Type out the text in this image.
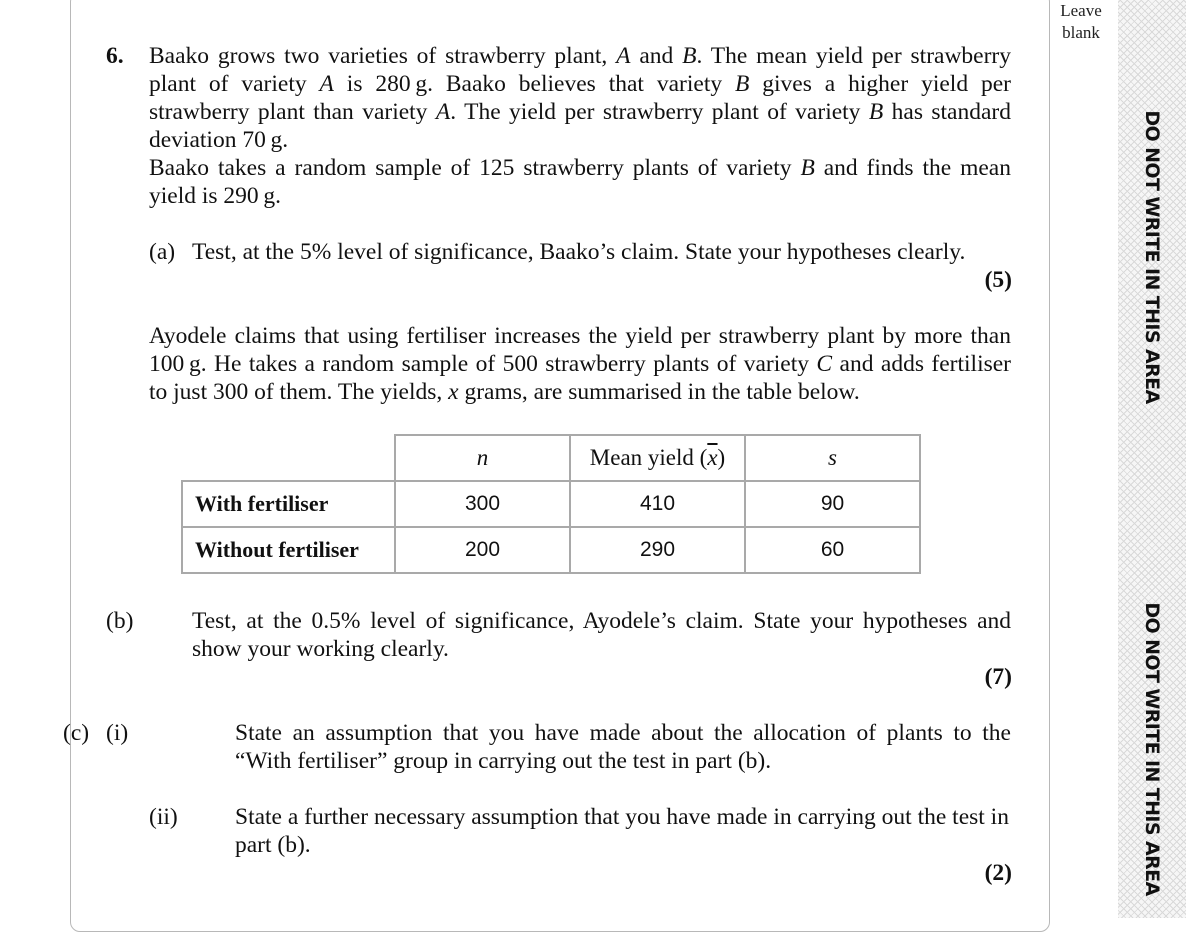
Leave
blank
DO NOT WRITE IN THIS AREA
DO NOT WRITE IN THIS AREA
6. Baako grows two varieties of strawberry plant, A and B. The mean yield per strawberry plant of variety A is 280 g. Baako believes that variety B gives a higher yield per strawberry plant than variety A. The yield per strawberry plant of variety B has standard deviation 70 g.
Baako takes a random sample of 125 strawberry plants of variety B and finds the mean yield is 290 g.
(a) Test, at the 5% level of significance, Baako’s claim. State your hypotheses clearly.
(5)
Ayodele claims that using fertiliser increases the yield per strawberry plant by more than 100 g. He takes a random sample of 500 strawberry plants of variety C and adds fertiliser to just 300 of them. The yields, x grams, are summarised in the table below.
	n	Mean yield $(\overline{x})$	s
With fertiliser	300	410	90
Without fertiliser	200	290	60
(b) Test, at the 0.5% level of significance, Ayodele’s claim. State your hypotheses and show your working clearly.
(7)
(c) (i)	State an assumption that you have made about the allocation of plants to the “With fertiliser” group in carrying out the test in part (b).
(ii) State a further necessary assumption that you have made in carrying out the test in part (b).
(2)
